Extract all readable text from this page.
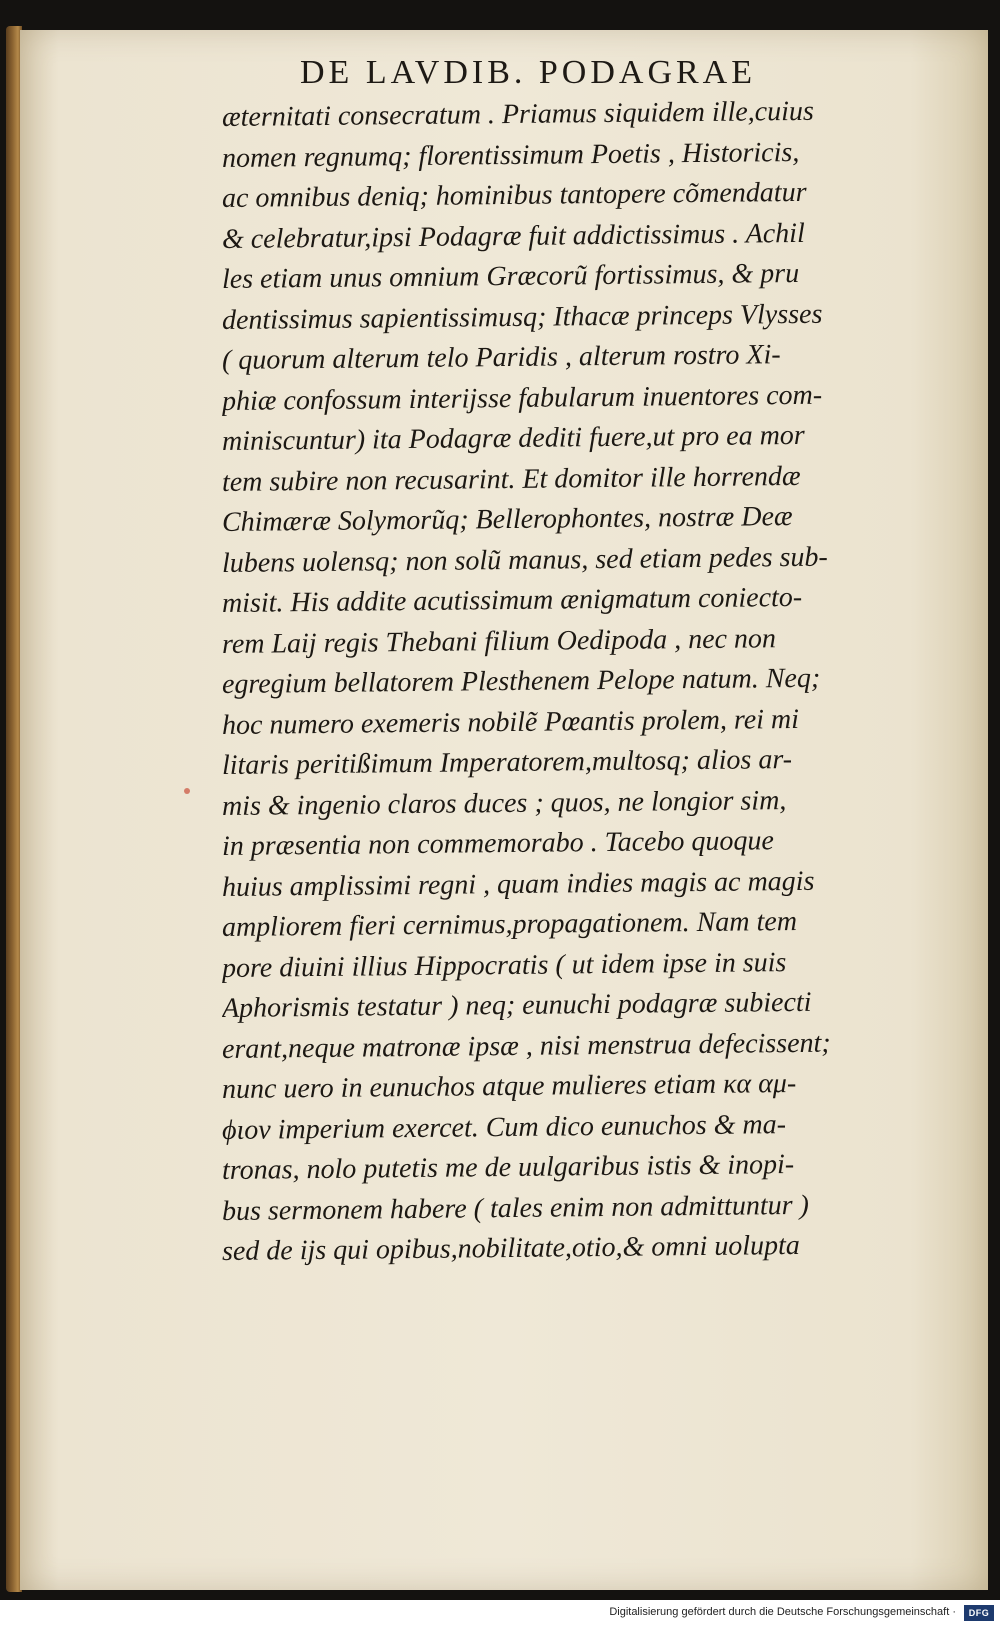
DE LAVDIB. PODAGRAE
æternitati consecratum . Priamus siquidem ille,cuius
nomen regnumq; florentissimum Poetis , Historicis,
ac omnibus deniq; hominibus tantopere cõmendatur
& celebratur,ipsi Podagræ fuit addictissimus . Achil
les etiam unus omnium Græcorũ fortissimus, & pru
dentissimus sapientissimusq; Ithacæ princeps Vlysses
( quorum alterum telo Paridis , alterum rostro Xi-
phiæ confossum interijsse fabularum inuentores com-
miniscuntur) ita Podagræ dediti fuere,ut pro ea mor
tem subire non recusarint. Et domitor ille horrendæ
Chimæræ Solymorũq; Bellerophontes, nostræ Deæ
lubens uolensq; non solũ manus, sed etiam pedes sub-
misit. His addite acutissimum ænigmatum coniecto-
rem Laij regis Thebani filium Oedipoda , nec non
egregium bellatorem Plesthenem Pelope natum. Neq;
hoc numero exemeris nobilẽ Pœantis prolem, rei mi
litaris peritißimum Imperatorem,multosq; alios ar-
mis & ingenio claros duces ; quos, ne longior sim,
in præsentia non commemorabo . Tacebo quoque
huius amplissimi regni , quam indies magis ac magis
ampliorem fieri cernimus,propagationem. Nam tem
pore diuini illius Hippocratis ( ut idem ipse in suis
Aphorismis testatur ) neq; eunuchi podagræ subiecti
erant,neque matronæ ipsæ , nisi menstrua defecissent;
nunc uero in eunuchos atque mulieres etiam κα αμ-
ϕιον imperium exercet. Cum dico eunuchos & ma-
tronas, nolo putetis me de uulgaribus istis & inopi-
bus sermonem habere ( tales enim non admittuntur )
sed de ijs qui opibus,nobilitate,otio,& omni uolupta
Digitalisierung gefördert durch die Deutsche Forschungsgemeinschaft ·	DFG
